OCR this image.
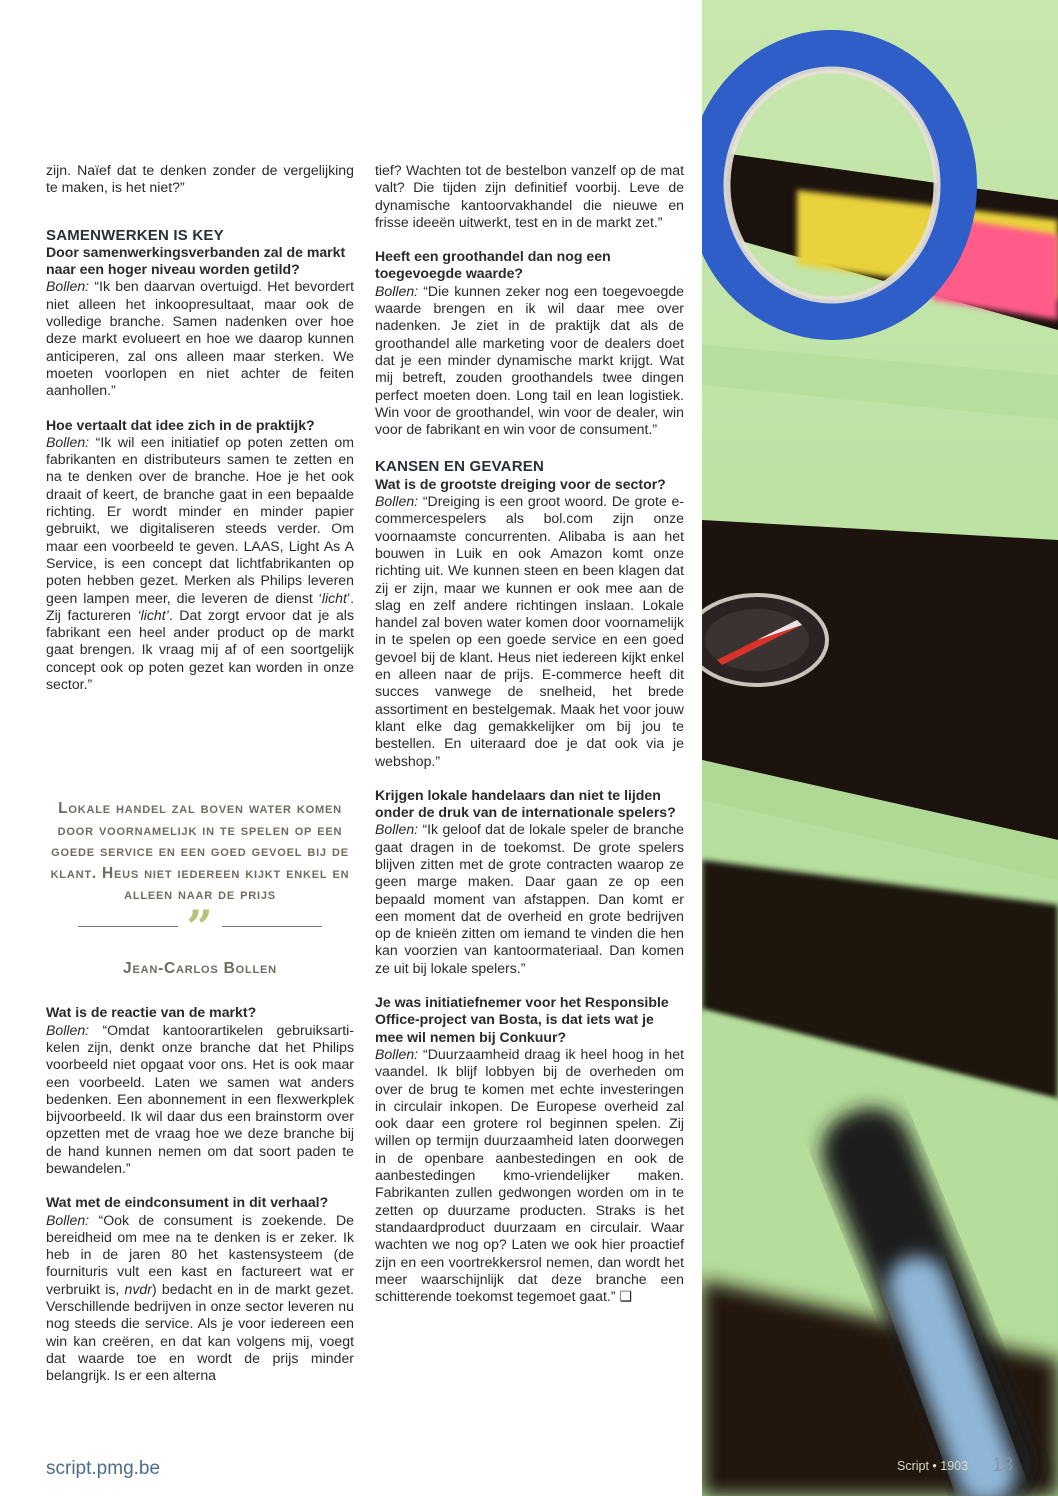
zijn. Naïef dat te denken zonder de vergelijking te maken, is het niet?”

SAMENWERKEN IS KEY

Door samenwerkingsverbanden zal de markt naar een hoger niveau worden getild?

Bollen: “Ik ben daarvan overtuigd. Het bevordert niet alleen het inkoopresultaat, maar ook de volledige branche. Samen nadenken over hoe deze markt evolueert en hoe we daarop kunnen anticiperen, zal ons alleen maar sterken. We moeten voorlopen en niet achter de feiten aanhollen.”

Hoe vertaalt dat idee zich in de praktijk?

Bollen: “Ik wil een initiatief op poten zetten om fabrikanten en distributeurs samen te zetten en na te denken over de branche. Hoe je het ook draait of keert, de branche gaat in een bepaalde richting. Er wordt minder en minder papier gebruikt, we digitaliseren steeds verder. Om maar een voorbeeld te geven. LAAS, Light As A Service, is een concept dat lichtfabrikanten op poten hebben gezet. Merken als Philips leveren geen lampen meer, die leveren de dienst ‘licht’. Zij factureren ‘licht’. Dat zorgt ervoor dat je als fabrikant een heel ander product op de markt gaat brengen. Ik vraag mij af of een soortgelijk concept ook op poten gezet kan worden in onze sector.”

Wat is de reactie van de markt?

Bollen: “Omdat kantoorartikelen gebruiksartikelen zijn, denkt onze branche dat het Philips voorbeeld niet opgaat voor ons. Het is ook maar een voorbeeld. Laten we samen wat anders bedenken. Een abonnement in een flexwerkplek bijvoorbeeld. Ik wil daar dus een brainstorm over opzetten met de vraag hoe we deze branche bij de hand kunnen nemen om dat soort paden te bewandelen.”

Wat met de eindconsument in dit verhaal?

Bollen: “Ook de consument is zoekende. De bereidheid om mee na te denken is er zeker. Ik heb in de jaren 80 het kastensysteem (de fournituris vult een kast en factureert wat er verbruikt is, nvdr) bedacht en in de markt gezet. Verschillende bedrijven in onze sector leveren nu nog steeds die service. Als je voor iedereen een win kan creëren, en dat kan volgens mij, voegt dat waarde toe en wordt de prijs minder belangrijk. Is er een alterna

Lokale handel zal boven water komen door voornamelijk in te spelen op een goede service en een goed gevoel bij de klant. Heus niet iedereen kijkt enkel en alleen naar de prijs
”
Jean-Carlos Bollen

tief? Wachten tot de bestelbon vanzelf op de mat valt? Die tijden zijn definitief voorbij. Leve de dynamische kantoorvakhandel die nieuwe en frisse ideeën uitwerkt, test en in de markt zet.”

Heeft een groothandel dan nog een toegevoegde waarde?

Bollen: “Die kunnen zeker nog een toegevoegde waarde brengen en ik wil daar mee over nadenken. Je ziet in de praktijk dat als de groothandel alle marketing voor de dealers doet dat je een minder dynamische markt krijgt. Wat mij betreft, zouden groothandels twee dingen perfect moeten doen. Long tail en lean logistiek. Win voor de groothandel, win voor de dealer, win voor de fabrikant en win voor de consument.”

KANSEN EN GEVAREN

Wat is de grootste dreiging voor de sector?

Bollen: “Dreiging is een groot woord. De grote e-commercespelers als bol.com zijn onze voornaamste concurrenten. Alibaba is aan het bouwen in Luik en ook Amazon komt onze richting uit. We kunnen steen en been klagen dat zij er zijn, maar we kunnen er ook mee aan de slag en zelf andere richtingen inslaan. Lokale handel zal boven water komen door voornamelijk in te spelen op een goede service en een goed gevoel bij de klant. Heus niet iedereen kijkt enkel en alleen naar de prijs. E-commerce heeft dit succes vanwege de snelheid, het brede assortiment en bestelgemak. Maak het voor jouw klant elke dag gemakkelijker om bij jou te bestellen. En uiteraard doe je dat ook via je webshop.”

Krijgen lokale handelaars dan niet te lijden onder de druk van de internationale spelers?

Bollen: “Ik geloof dat de lokale speler de branche gaat dragen in de toekomst. De grote spelers blijven zitten met de grote contracten waarop ze geen marge maken. Daar gaan ze op een bepaald moment van afstappen. Dan komt er een moment dat de overheid en grote bedrijven op de knieën zitten om iemand te vinden die hen kan voorzien van kantoormateriaal. Dan komen ze uit bij lokale spelers.”

Je was initiatiefnemer voor het Responsible Office-project van Bosta, is dat iets wat je mee wil nemen bij Conkuur?

Bollen: “Duurzaamheid draag ik heel hoog in het vaandel. Ik blijf lobbyen bij de overheden om over de brug te komen met echte investeringen in circulair inkopen. De Europese overheid zal ook daar een grotere rol beginnen spelen. Zij willen op termijn duurzaamheid laten doorwegen in de openbare aanbestedingen en ook de aanbestedingen kmo-vriendelijker maken. Fabrikanten zullen gedwongen worden om in te zetten op duurzame producten. Straks is het standaardproduct duurzaam en circulair. Waar wachten we nog op? Laten we ook hier proactief zijn en een voortrekkersrol nemen, dan wordt het meer waarschijnlijk dat deze branche een schitterende toekomst tegemoet gaat.” ❑

script.pmg.be	Script • 1903 13
